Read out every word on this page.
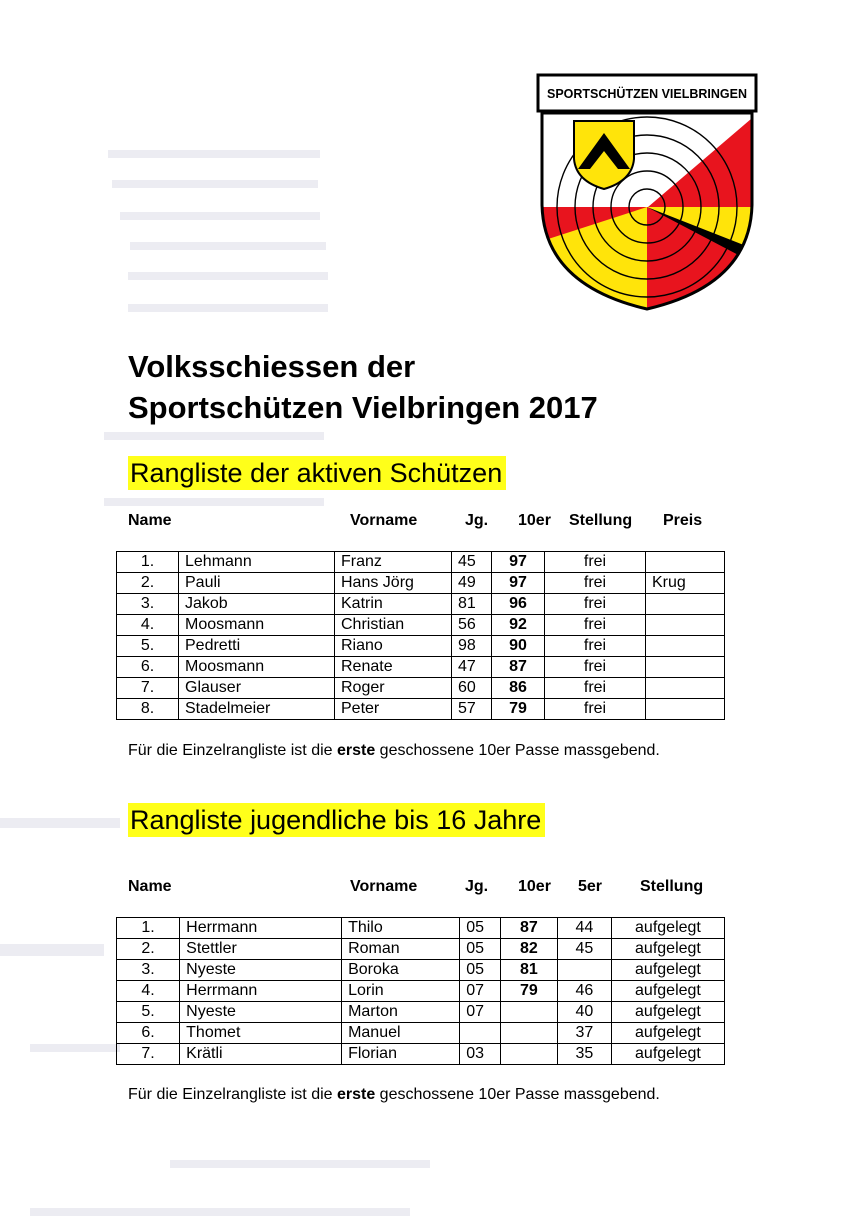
SPORTSCHÜTZEN VIELBRINGEN
Volksschiessen der
Sportschützen Vielbringen 2017
Rangliste der aktiven Schützen
Name	Vorname	Jg. 10er Stellung Preis
1.	Lehmann	Franz	45	97	frei	
2.	Pauli	Hans Jörg	49	97	frei	Krug
3.	Jakob	Katrin	81	96	frei	
4.	Moosmann	Christian	56	92	frei	
5.	Pedretti	Riano	98	90	frei	
6.	Moosmann	Renate	47	87	frei	
7.	Glauser	Roger	60	86	frei	
8.	Stadelmeier	Peter	57	79	frei	
Für die Einzelrangliste ist die erste geschossene 10er Passe massgebend.
Rangliste jugendliche bis 16 Jahre
Name	Vorname	Jg. 10er 5er Stellung
1.	Herrmann	Thilo	05	87	44	aufgelegt
2.	Stettler	Roman	05	82	45	aufgelegt
3.	Nyeste	Boroka	05	81		aufgelegt
4.	Herrmann	Lorin	07	79	46	aufgelegt
5.	Nyeste	Marton	07		40	aufgelegt
6.	Thomet	Manuel			37	aufgelegt
7.	Krätli	Florian	03		35	aufgelegt
Für die Einzelrangliste ist die erste geschossene 10er Passe massgebend.
